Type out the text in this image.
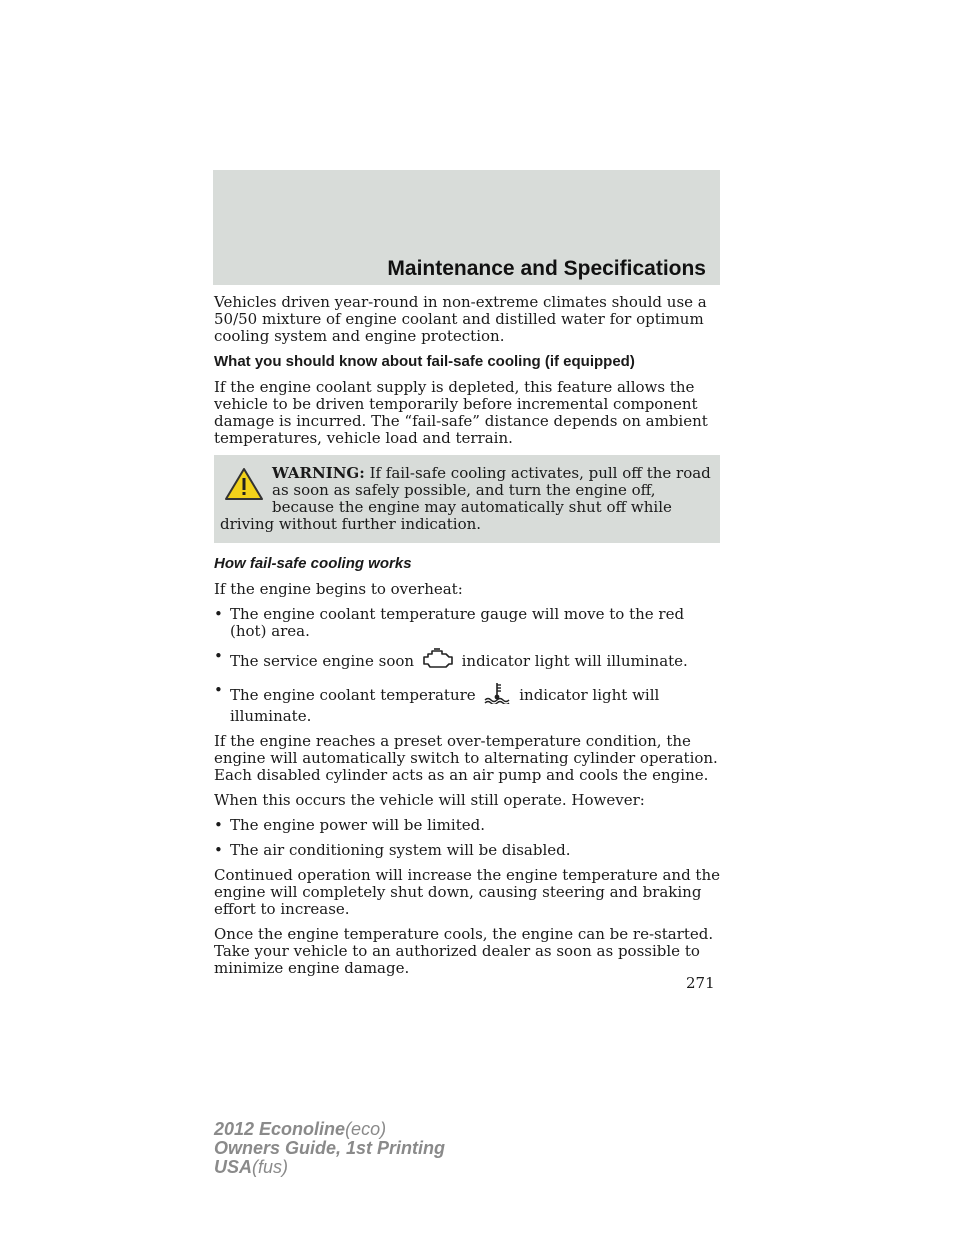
Maintenance and Specifications

Vehicles driven year-round in non-extreme climates should use a 50/50 mixture of engine coolant and distilled water for optimum cooling system and engine protection.

What you should know about fail-safe cooling (if equipped)

If the engine coolant supply is depleted, this feature allows the vehicle to be driven temporarily before incremental component damage is incurred. The “fail-safe” distance depends on ambient temperatures, vehicle load and terrain.

WARNING: If fail-safe cooling activates, pull off the road as soon as safely possible, and turn the engine off, because the engine may automatically shut off while driving without further indication.
How fail-safe cooling works

If the engine begins to overheat:

• The engine coolant temperature gauge will move to the red (hot) area.
• The service engine soon	indicator light will illuminate.
• The engine coolant temperature	indicator light will illuminate.

If the engine reaches a preset over-temperature condition, the engine will automatically switch to alternating cylinder operation. Each disabled cylinder acts as an air pump and cools the engine.

When this occurs the vehicle will still operate. However:

• The engine power will be limited.
• The air conditioning system will be disabled.

Continued operation will increase the engine temperature and the engine will completely shut down, causing steering and braking effort to increase.

Once the engine temperature cools, the engine can be re-started. Take your vehicle to an authorized dealer as soon as possible to minimize engine damage.

271
2012 Econoline(eco)
Owners Guide, 1st Printing
USA(fus)
